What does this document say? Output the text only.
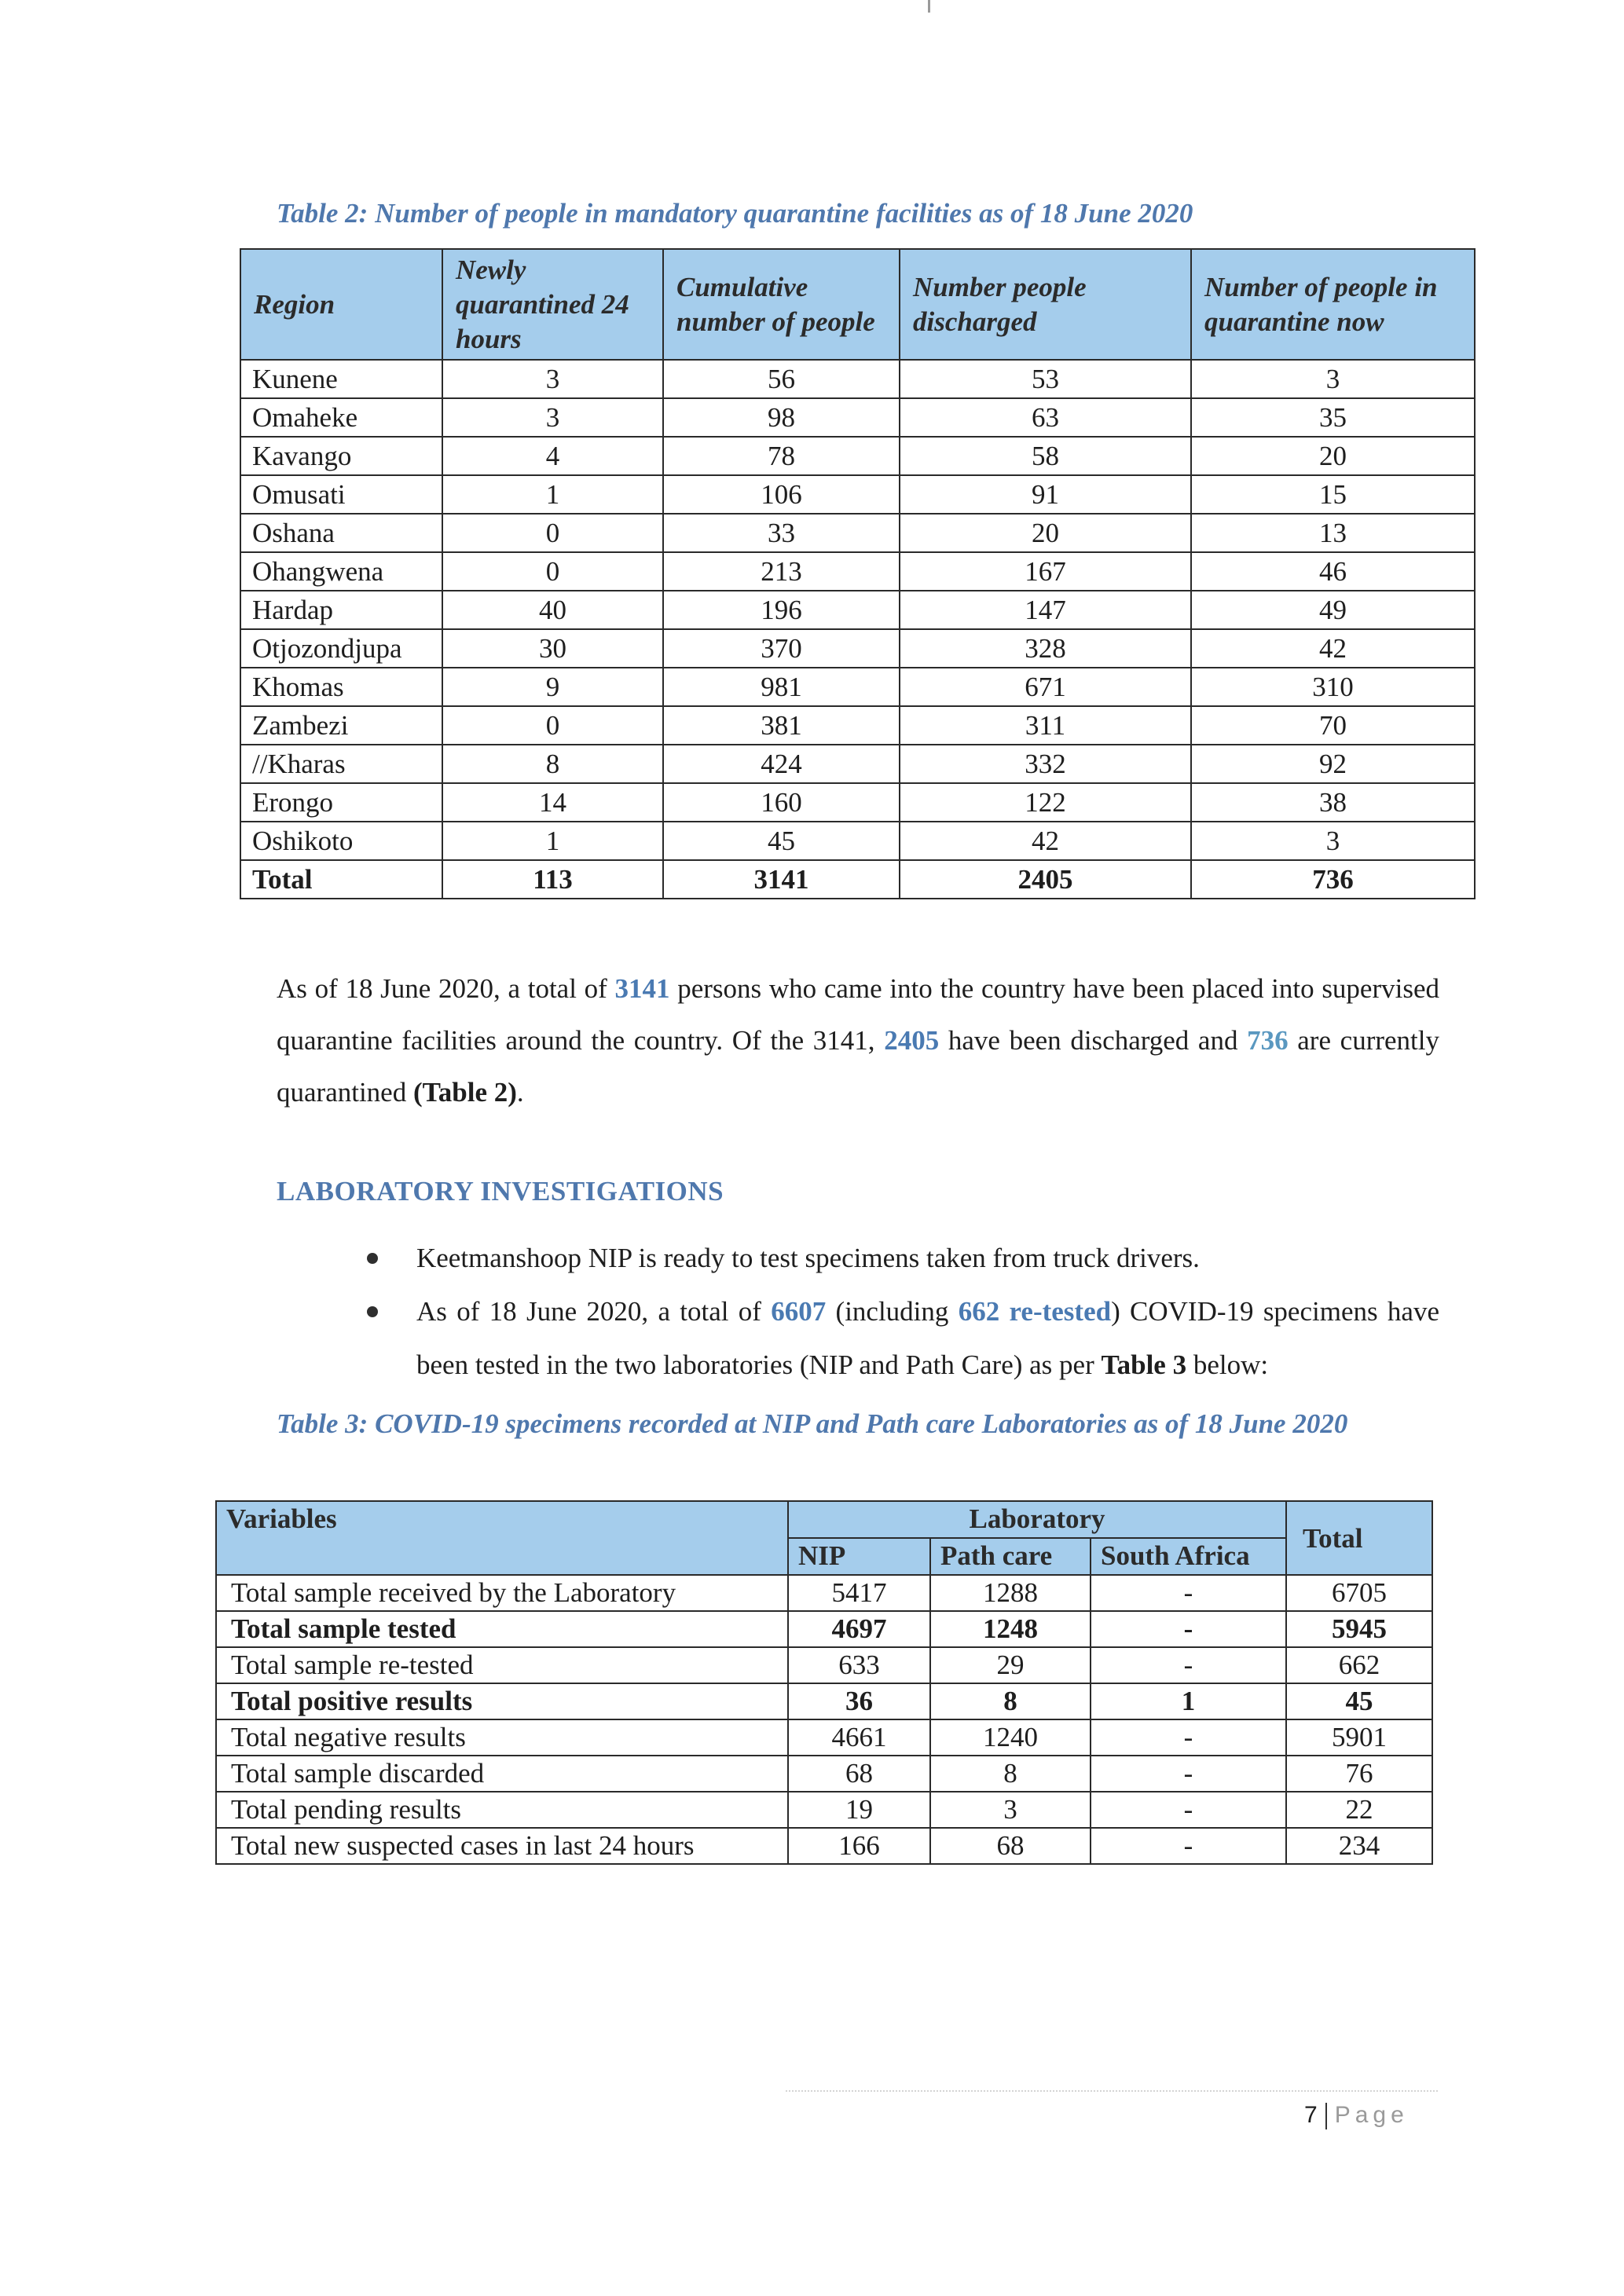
Table 2: Number of people in mandatory quarantine facilities as of 18 June 2020
Region	Newly quarantined 24 hours	Cumulative number of people	Number people discharged	Number of people in quarantine now
Kunene	3	56	53	3
Omaheke	3	98	63	35
Kavango	4	78	58	20
Omusati	1	106	91	15
Oshana	0	33	20	13
Ohangwena	0	213	167	46
Hardap	40	196	147	49
Otjozondjupa	30	370	328	42
Khomas	9	981	671	310
Zambezi	0	381	311	70
//Kharas	8	424	332	92
Erongo	14	160	122	38
Oshikoto	1	45	42	3
Total	113	3141	2405	736
As of 18 June 2020, a total of 3141 persons who came into the country have been placed into supervised quarantine facilities around the country. Of the 3141, 2405 have been discharged and 736 are currently quarantined (Table 2).
LABORATORY INVESTIGATIONS
Keetmanshoop NIP is ready to test specimens taken from truck drivers.
As of 18 June 2020, a total of 6607 (including 662 re-tested) COVID-19 specimens have been tested in the two laboratories (NIP and Path Care) as per Table 3 below:
Table 3: COVID-19 specimens recorded at NIP and Path care Laboratories as of 18 June 2020
Variables	Laboratory			Total
	NIP	Path care	South Africa	
Total sample received by the Laboratory	5417	1288	-	6705
Total sample tested	4697	1248	-	5945
Total sample re-tested	633	29	-	662
Total positive results	36	8	1	45
Total negative results	4661	1240	-	5901
Total sample discarded	68	8	-	76
Total pending results	19	3	-	22
Total new suspected cases in last 24 hours	166	68	-	234
7 Page
